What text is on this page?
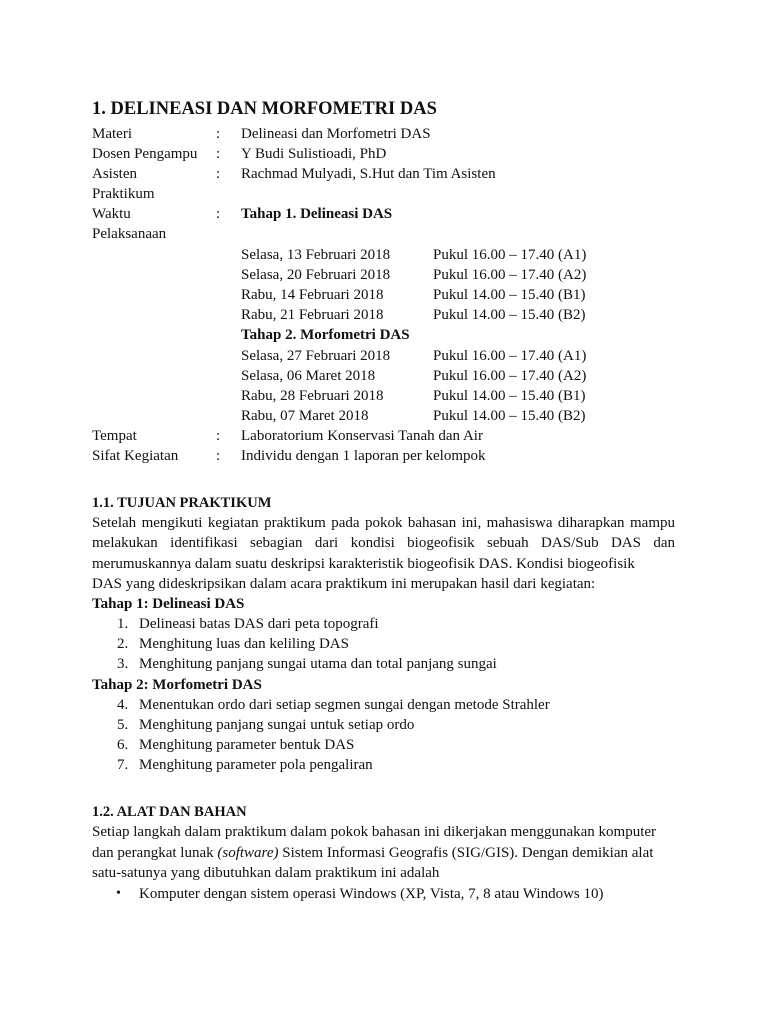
1. DELINEASI DAN MORFOMETRI DAS
Materi	: Delineasi dan Morfometri DAS
Dosen Pengampu : Y Budi Sulistioadi, PhD
Asisten	: Rachmad Mulyadi, S.Hut dan Tim Asisten
Praktikum
Waktu	: Tahap 1. Delineasi DAS
Pelaksanaan
Selasa, 13 Februari 2018	Pukul 16.00 – 17.40 (A1)
Selasa, 20 Februari 2018	Pukul 16.00 – 17.40 (A2)
Rabu, 14 Februari 2018	Pukul 14.00 – 15.40 (B1)
Rabu, 21 Februari 2018	Pukul 14.00 – 15.40 (B2)
Tahap 2. Morfometri DAS
Selasa, 27 Februari 2018	Pukul 16.00 – 17.40 (A1)
Selasa, 06 Maret 2018	Pukul 16.00 – 17.40 (A2)
Rabu, 28 Februari 2018	Pukul 14.00 – 15.40 (B1)
Rabu, 07 Maret 2018	Pukul 14.00 – 15.40 (B2)
Tempat	: Laboratorium Konservasi Tanah dan Air
Sifat Kegiatan	: Individu dengan 1 laporan per kelompok
1.1. TUJUAN PRAKTIKUM
Setelah mengikuti kegiatan praktikum pada pokok bahasan ini, mahasiswa diharapkan mampu melakukan identifikasi sebagian dari kondisi biogeofisik sebuah DAS/Sub DAS dan merumuskannya dalam suatu deskripsi karakteristik biogeofisik DAS. Kondisi biogeofisik
DAS yang dideskripsikan dalam acara praktikum ini merupakan hasil dari kegiatan:
Tahap 1: Delineasi DAS
1. Delineasi batas DAS dari peta topografi
2. Menghitung luas dan keliling DAS
3. Menghitung panjang sungai utama dan total panjang sungai
Tahap 2: Morfometri DAS
4. Menentukan ordo dari setiap segmen sungai dengan metode Strahler
5. Menghitung panjang sungai untuk setiap ordo
6. Menghitung parameter bentuk DAS
7. Menghitung parameter pola pengaliran
1.2. ALAT DAN BAHAN
Setiap langkah dalam praktikum dalam pokok bahasan ini dikerjakan menggunakan komputer
dan perangkat lunak (software) Sistem Informasi Geografis (SIG/GIS). Dengan demikian alat
satu-satunya yang dibutuhkan dalam praktikum ini adalah
• Komputer dengan sistem operasi Windows (XP, Vista, 7, 8 atau Windows 10)
